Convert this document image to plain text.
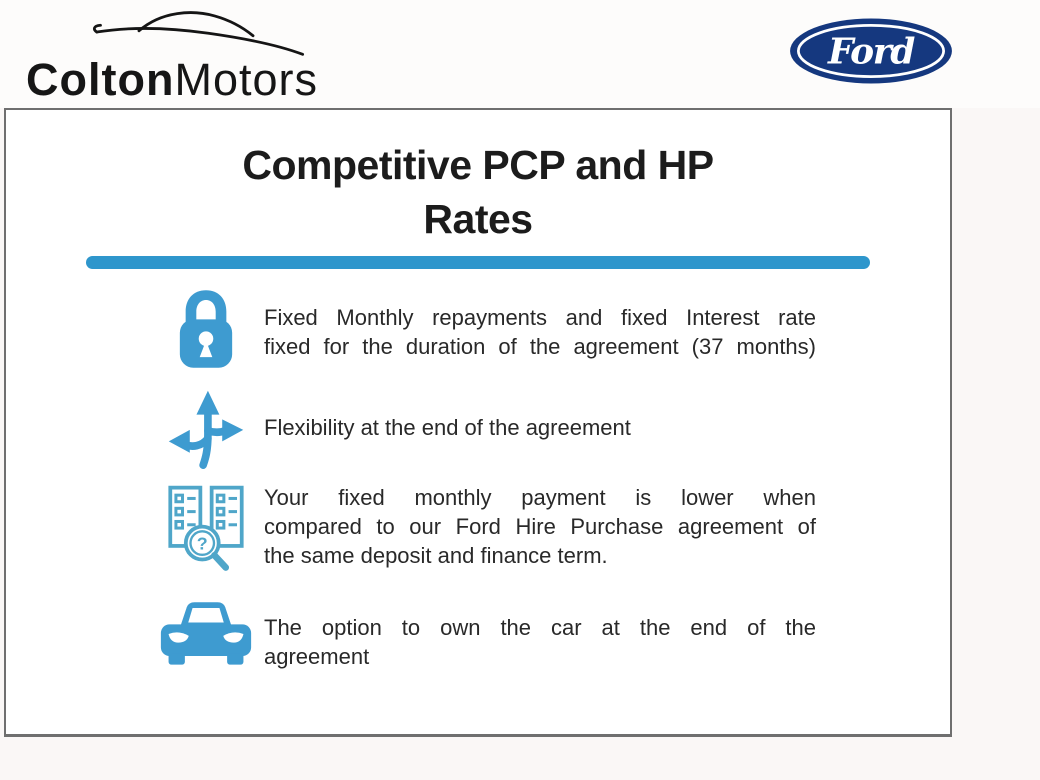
ColtonMotors
Ford
Competitive PCP and HP Rates
Fixed Monthly repayments and fixed Interest rate
fixed for the duration of the agreement (37 months)
Flexibility at the end of the agreement
?
Your fixed monthly payment is lower when
compared to our Ford Hire Purchase agreement of
the same deposit and finance term.
The option to own the car at the end of the
agreement
